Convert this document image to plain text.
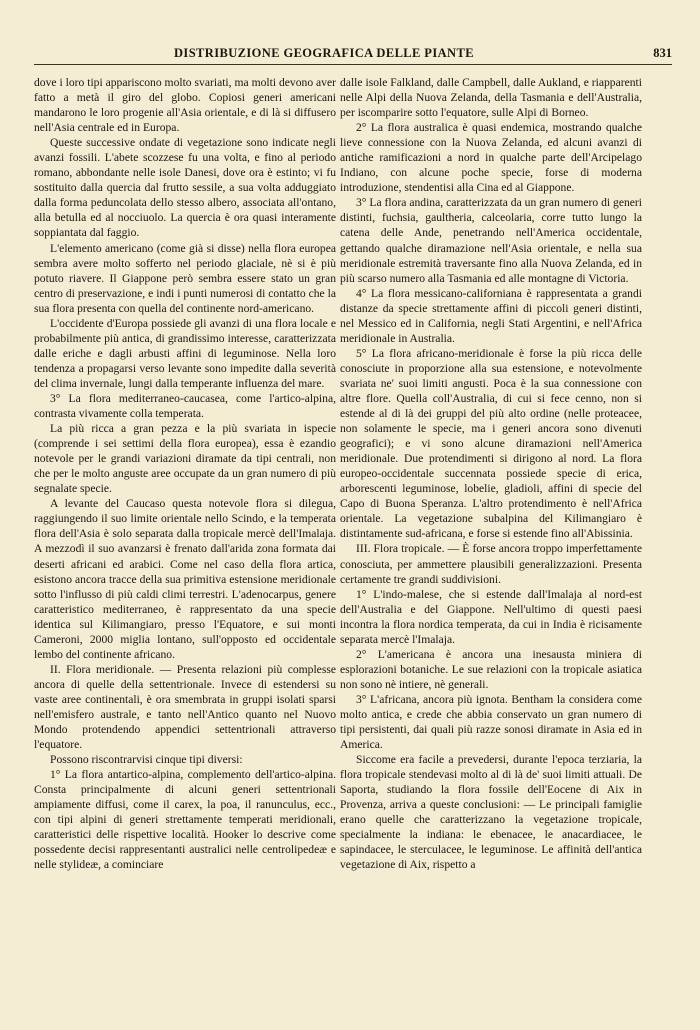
DISTRIBUZIONE GEOGRAFICA DELLE PIANTE	831

dove i loro tipi appariscono molto svariati, ma molti devono aver fatto a metà il giro del globo. Copiosi generi americani mandarono le loro progenie all'Asia orientale, e di là si diffusero nell'Asia centrale ed in Europa.

Queste successive ondate di vegetazione sono indicate negli avanzi fossili. L'abete scozzese fu una volta, e fino al periodo romano, abbondante nelle isole Danesi, dove ora è estinto; vi fu sostituito dalla quercia dal frutto sessile, a sua volta adduggiato dalla forma peduncolata dello stesso albero, associata all'ontano, alla betulla ed al nocciuolo. La quercia è ora quasi interamente soppiantata dal faggio.

L'elemento americano (come già si disse) nella flora europea sembra avere molto sofferto nel periodo glaciale, nè si è più potuto riavere. Il Giappone però sembra essere stato un gran centro di preservazione, e indi i punti numerosi di contatto che la sua flora presenta con quella del continente nord-americano.

L'occidente d'Europa possiede gli avanzi di una flora locale e probabilmente più antica, di grandissimo interesse, caratterizzata dalle eriche e dagli arbusti affini di leguminose. Nella loro tendenza a propagarsi verso levante sono impedite dalla severità del clima invernale, lungi dalla temperante influenza del mare.

3° La flora mediterraneo-caucasea, come l'artico-alpina, contrasta vivamente colla temperata.

La più ricca a gran pezza e la più svariata in ispecie (comprende i sei settimi della flora europea), essa è ezandio notevole per le grandi variazioni diramate da tipi centrali, non che per le molto anguste aree occupate da un gran numero di più segnalate specie.

A levante del Caucaso questa notevole flora si dilegua, raggiungendo il suo limite orientale nello Scindo, e la temperata flora dell'Asia è solo separata dalla tropicale mercè dell'Imalaja. A mezzodì il suo avanzarsi è frenato dall'arida zona formata dai deserti africani ed arabici. Come nel caso della flora artica, esistono ancora tracce della sua primitiva estensione meridionale sotto l'influsso di più caldi climi terrestri. L'adenocarpus, genere caratteristico mediterraneo, è rappresentato da una specie identica sul Kilimangiaro, presso l'Equatore, e sui monti Cameroni, 2000 miglia lontano, sull'opposto ed occidentale lembo del continente africano.

II. Flora meridionale. — Presenta relazioni più complesse ancora di quelle della settentrionale. Invece di estendersi su vaste aree continentali, è ora smembrata in gruppi isolati sparsi nell'emisfero australe, e tanto nell'Antico quanto nel Nuovo Mondo protendendo appendici settentrionali attraverso l'equatore.

Possono riscontrarvisi cinque tipi diversi:

1° La flora antartico-alpina, complemento dell'artico-alpina. Consta principalmente di alcuni generi settentrionali ampiamente diffusi, come il carex, la poa, il ranunculus, ecc., con tipi alpini di generi strettamente temperati meridionali, caratteristici delle rispettive località. Hooker lo descrive come possedente decisi rappresentanti australici nelle centrolipedeæ e nelle stylideæ, a cominciare

dalle isole Falkland, dalle Campbell, dalle Aukland, e riapparenti nelle Alpi della Nuova Zelanda, della Tasmania e dell'Australia, per iscomparire sotto l'equatore, sulle Alpi di Borneo.

2° La flora australica è quasi endemica, mostrando qualche lieve connessione con la Nuova Zelanda, ed alcuni avanzi di antiche ramificazioni a nord in qualche parte dell'Arcipelago Indiano, con alcune poche specie, forse di moderna introduzione, stendentisi alla Cina ed al Giappone.

3° La flora andina, caratterizzata da un gran numero di generi distinti, fuchsia, gaultheria, calceolaria, corre tutto lungo la catena delle Ande, penetrando nell'America occidentale, gettando qualche diramazione nell'Asia orientale, e nella sua meridionale estremità traversante fino alla Nuova Zelanda, ed in più scarso numero alla Tasmania ed alle montagne di Victoria.

4° La flora messicano-californiana è rappresentata a grandi distanze da specie strettamente affini di piccoli generi distinti, nel Messico ed in California, negli Stati Argentini, e nell'Africa meridionale in Australia.

5° La flora africano-meridionale è forse la più ricca delle conosciute in proporzione alla sua estensione, e notevolmente svariata ne' suoi limiti angusti. Poca è la sua connessione con altre flore. Quella coll'Australia, di cui si fece cenno, non si estende al di là dei gruppi del più alto ordine (nelle proteacee, non solamente le specie, ma i generi ancora sono divenuti geografici); e vi sono alcune diramazioni nell'America meridionale. Due protendimenti si dirigono al nord. La flora europeo-occidentale succennata possiede specie di erica, arborescenti leguminose, lobelie, gladioli, affini di specie del Capo di Buona Speranza. L'altro protendimento è nell'Africa orientale. La vegetazione subalpina del Kilimangiaro è distintamente sud-africana, e forse si estende fino all'Abissinia.

III. Flora tropicale. — È forse ancora troppo imperfettamente conosciuta, per ammettere plausibili generalizzazioni. Presenta certamente tre grandi suddivisioni.

1° L'indo-malese, che si estende dall'Imalaja al nord-est dell'Australia e del Giappone. Nell'ultimo di questi paesi incontra la flora nordica temperata, da cui in India è ricisamente separata mercè l'Imalaja.

2° L'americana è ancora una inesausta miniera di esplorazioni botaniche. Le sue relazioni con la tropicale asiatica non sono nè intiere, nè generali.

3° L'africana, ancora più ignota. Bentham la considera come molto antica, e crede che abbia conservato un gran numero di tipi persistenti, dai quali più razze sonosi diramate in Asia ed in America.

Siccome era facile a prevedersi, durante l'epoca terziaria, la flora tropicale stendevasi molto al di là de' suoi limiti attuali. De Saporta, studiando la flora fossile dell'Eocene di Aix in Provenza, arriva a queste conclusioni: — Le principali famiglie erano quelle che caratterizzano la vegetazione tropicale, specialmente la indiana: le ebenacee, le anacardiacee, le sapindacee, le sterculacee, le leguminose. Le affinità dell'antica vegetazione di Aix, rispetto a
